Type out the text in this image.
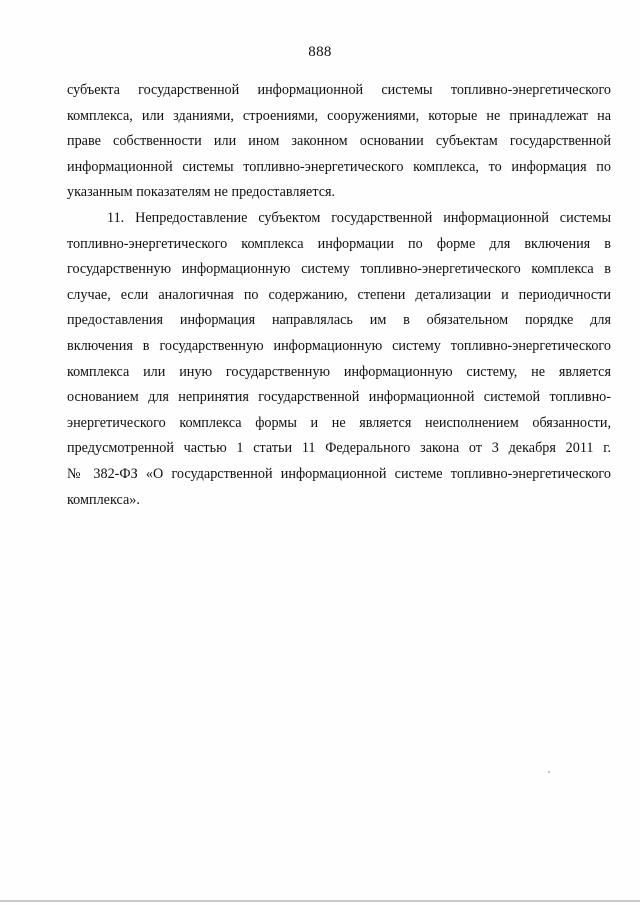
888
субъекта государственной информационной системы топливно-энергетического
комплекса, или зданиями, строениями, сооружениями, которые не принадлежат на
праве собственности или ином законном основании субъектам государственной
информационной системы топливно-энергетического комплекса, то информация по
указанным показателям не предоставляется.
11. Непредоставление субъектом государственной информационной системы
топливно-энергетического комплекса информации по форме для включения в
государственную информационную систему топливно-энергетического комплекса в
случае, если аналогичная по содержанию, степени детализации и периодичности
предоставления информация направлялась им в обязательном порядке для
включения в государственную информационную систему топливно-энергетического
комплекса или иную государственную информационную систему, не является
основанием для непринятия государственной информационной системой топливно-
энергетического комплекса формы и не является неисполнением обязанности,
предусмотренной частью 1 статьи 11 Федерального закона от 3 декабря 2011 г.
№ 382-ФЗ «О государственной информационной системе топливно-энергетического
комплекса».
